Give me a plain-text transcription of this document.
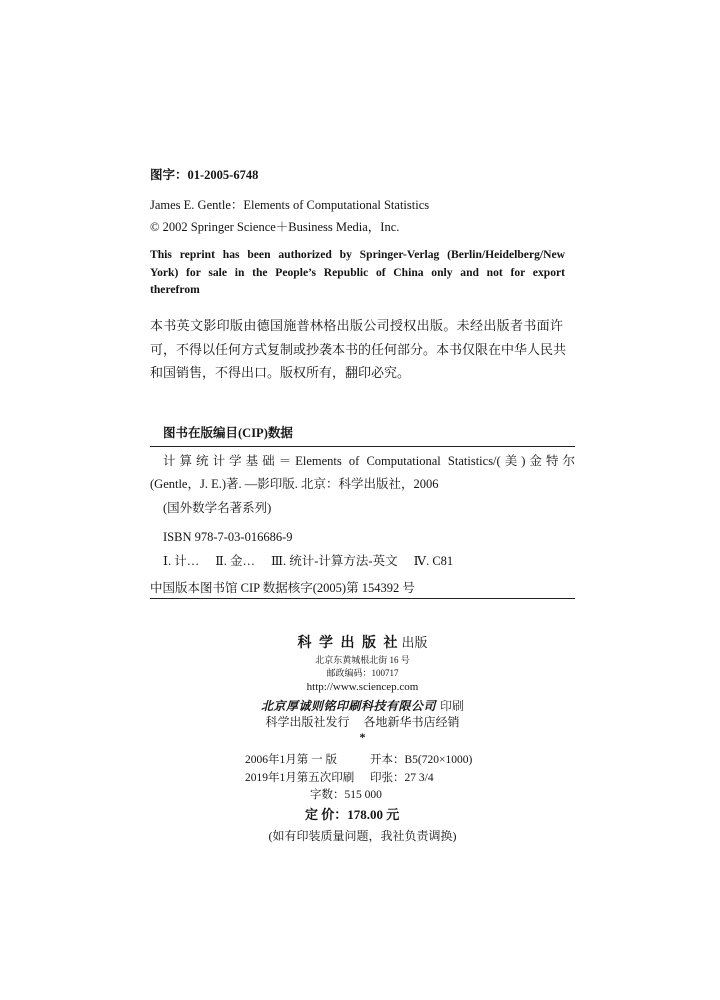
图字：01-2005-6748
James E. Gentle：Elements of Computational Statistics
© 2002 Springer Science＋Business Media，Inc.
This reprint has been authorized by Springer-Verlag (Berlin/Heidelberg/New
York) for sale in the People’s Republic of China only and not for export
therefrom
本书英文影印版由德国施普林格出版公司授权出版。未经出版者书面许
可，不得以任何方式复制或抄袭本书的任何部分。本书仅限在中华人民共
和国销售，不得出口。版权所有，翻印必究。
图书在版编目(CIP)数据
计算统计学基础＝Elements of Computational Statistics/(美)金特尔
(Gentle，J. E.)著. —影印版. 北京：科学出版社，2006
(国外数学名著系列)
ISBN 978-7-03-016686-9
Ⅰ. 计… Ⅱ. 金… Ⅲ. 统计-计算方法-英文 Ⅳ. C81
中国版本图书馆 CIP 数据核字(2005)第 154392 号
科 学 出 版 社 出版
北京东黄城根北街 16 号
邮政编码：100717
http://www.sciencep.com
北京厚诚则铭印刷科技有限公司 印刷
科学出版社发行 各地新华书店经销
*
2006年1月第 一 版	开本：B5(720×1000)
2019年1月第五次印刷	印张：27 3/4
字数：515 000
定 价：178.00 元
(如有印装质量问题，我社负责调换)
